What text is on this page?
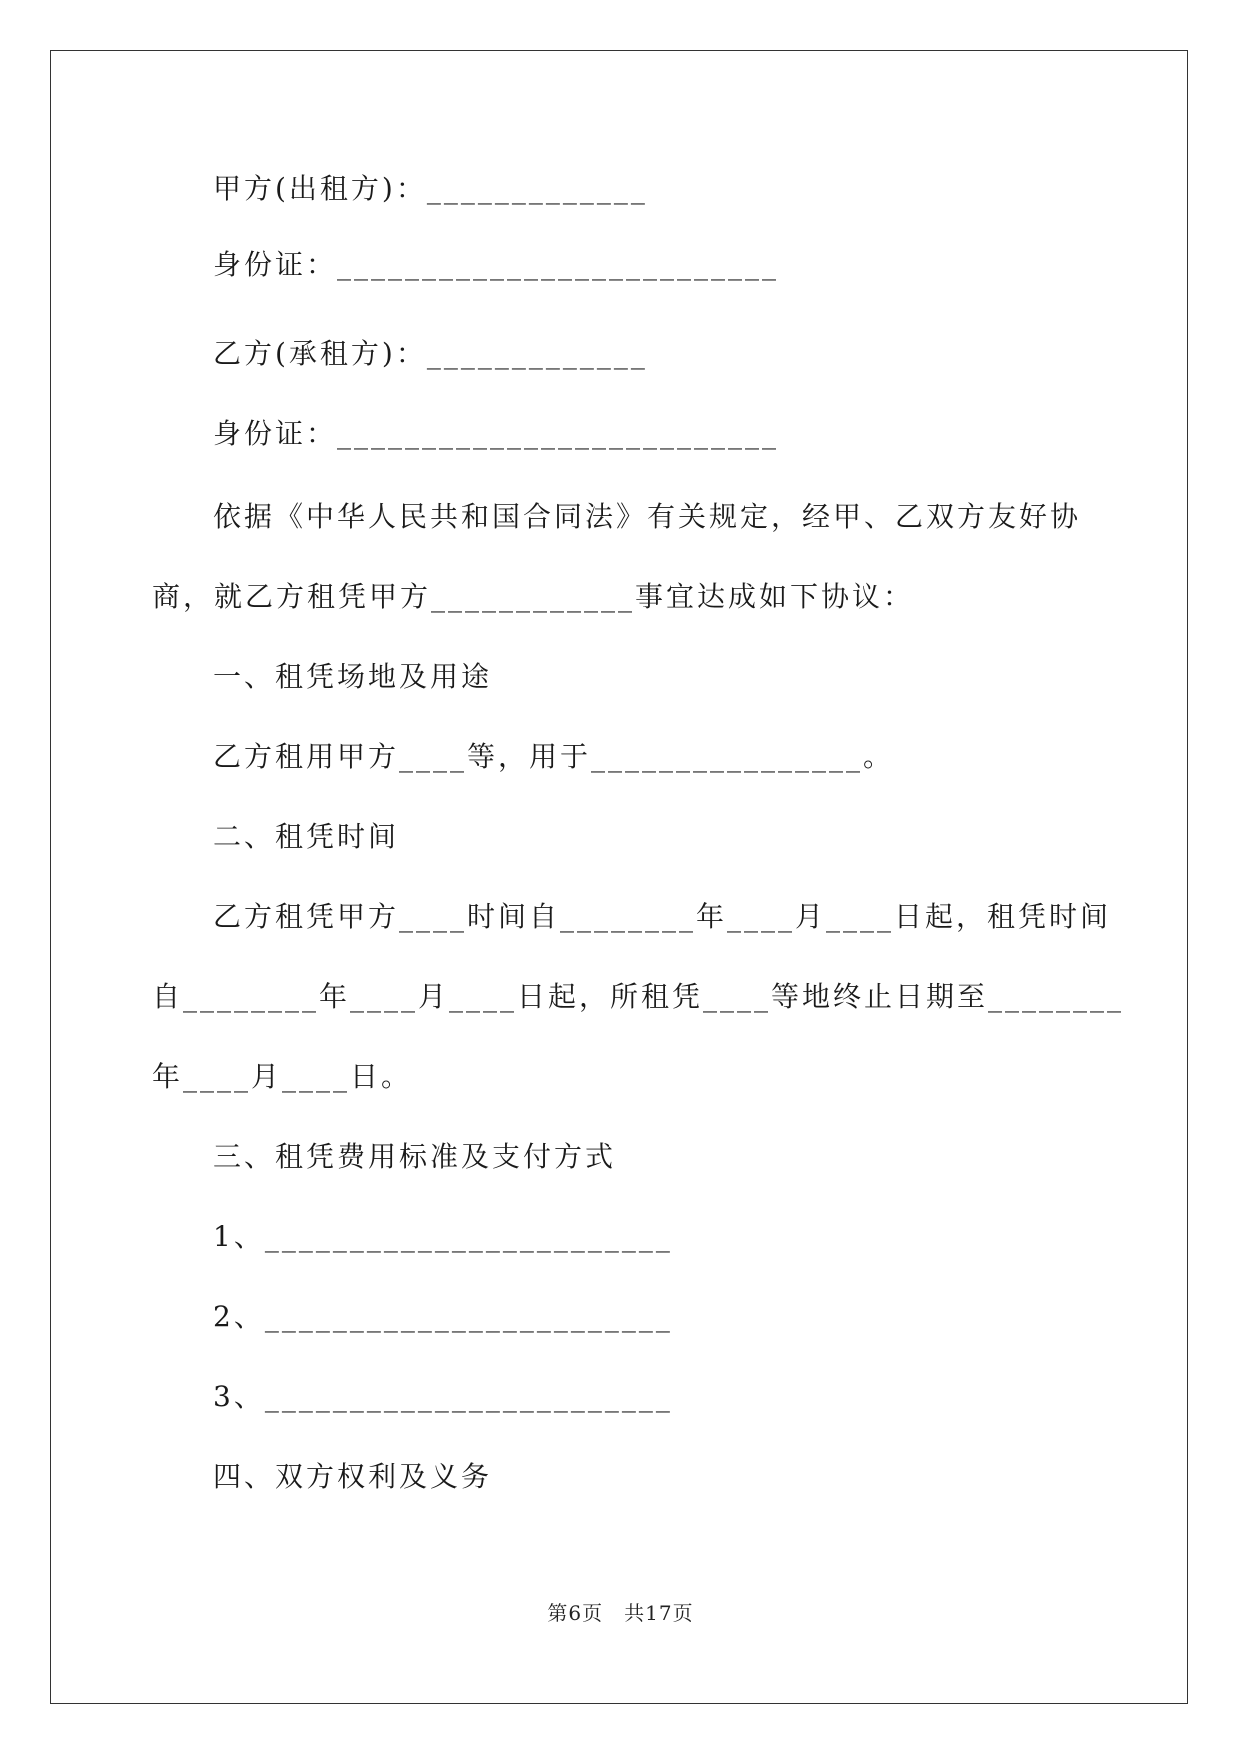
甲方(出租方)：_____________
身份证：__________________________
乙方(承租方)：_____________
身份证：__________________________
依据《中华人民共和国合同法》有关规定，经甲、乙双方友好协
商，就乙方租凭甲方____________事宜达成如下协议：
一、租凭场地及用途
乙方租用甲方____等，用于________________。
二、租凭时间
乙方租凭甲方____时间自________年____月____日起，租凭时间
自________年____月____日起，所租凭____等地终止日期至________
年____月____日。
三、租凭费用标准及支付方式
1、________________________
2、________________________
3、________________________
四、双方权利及义务
第6页　共17页
